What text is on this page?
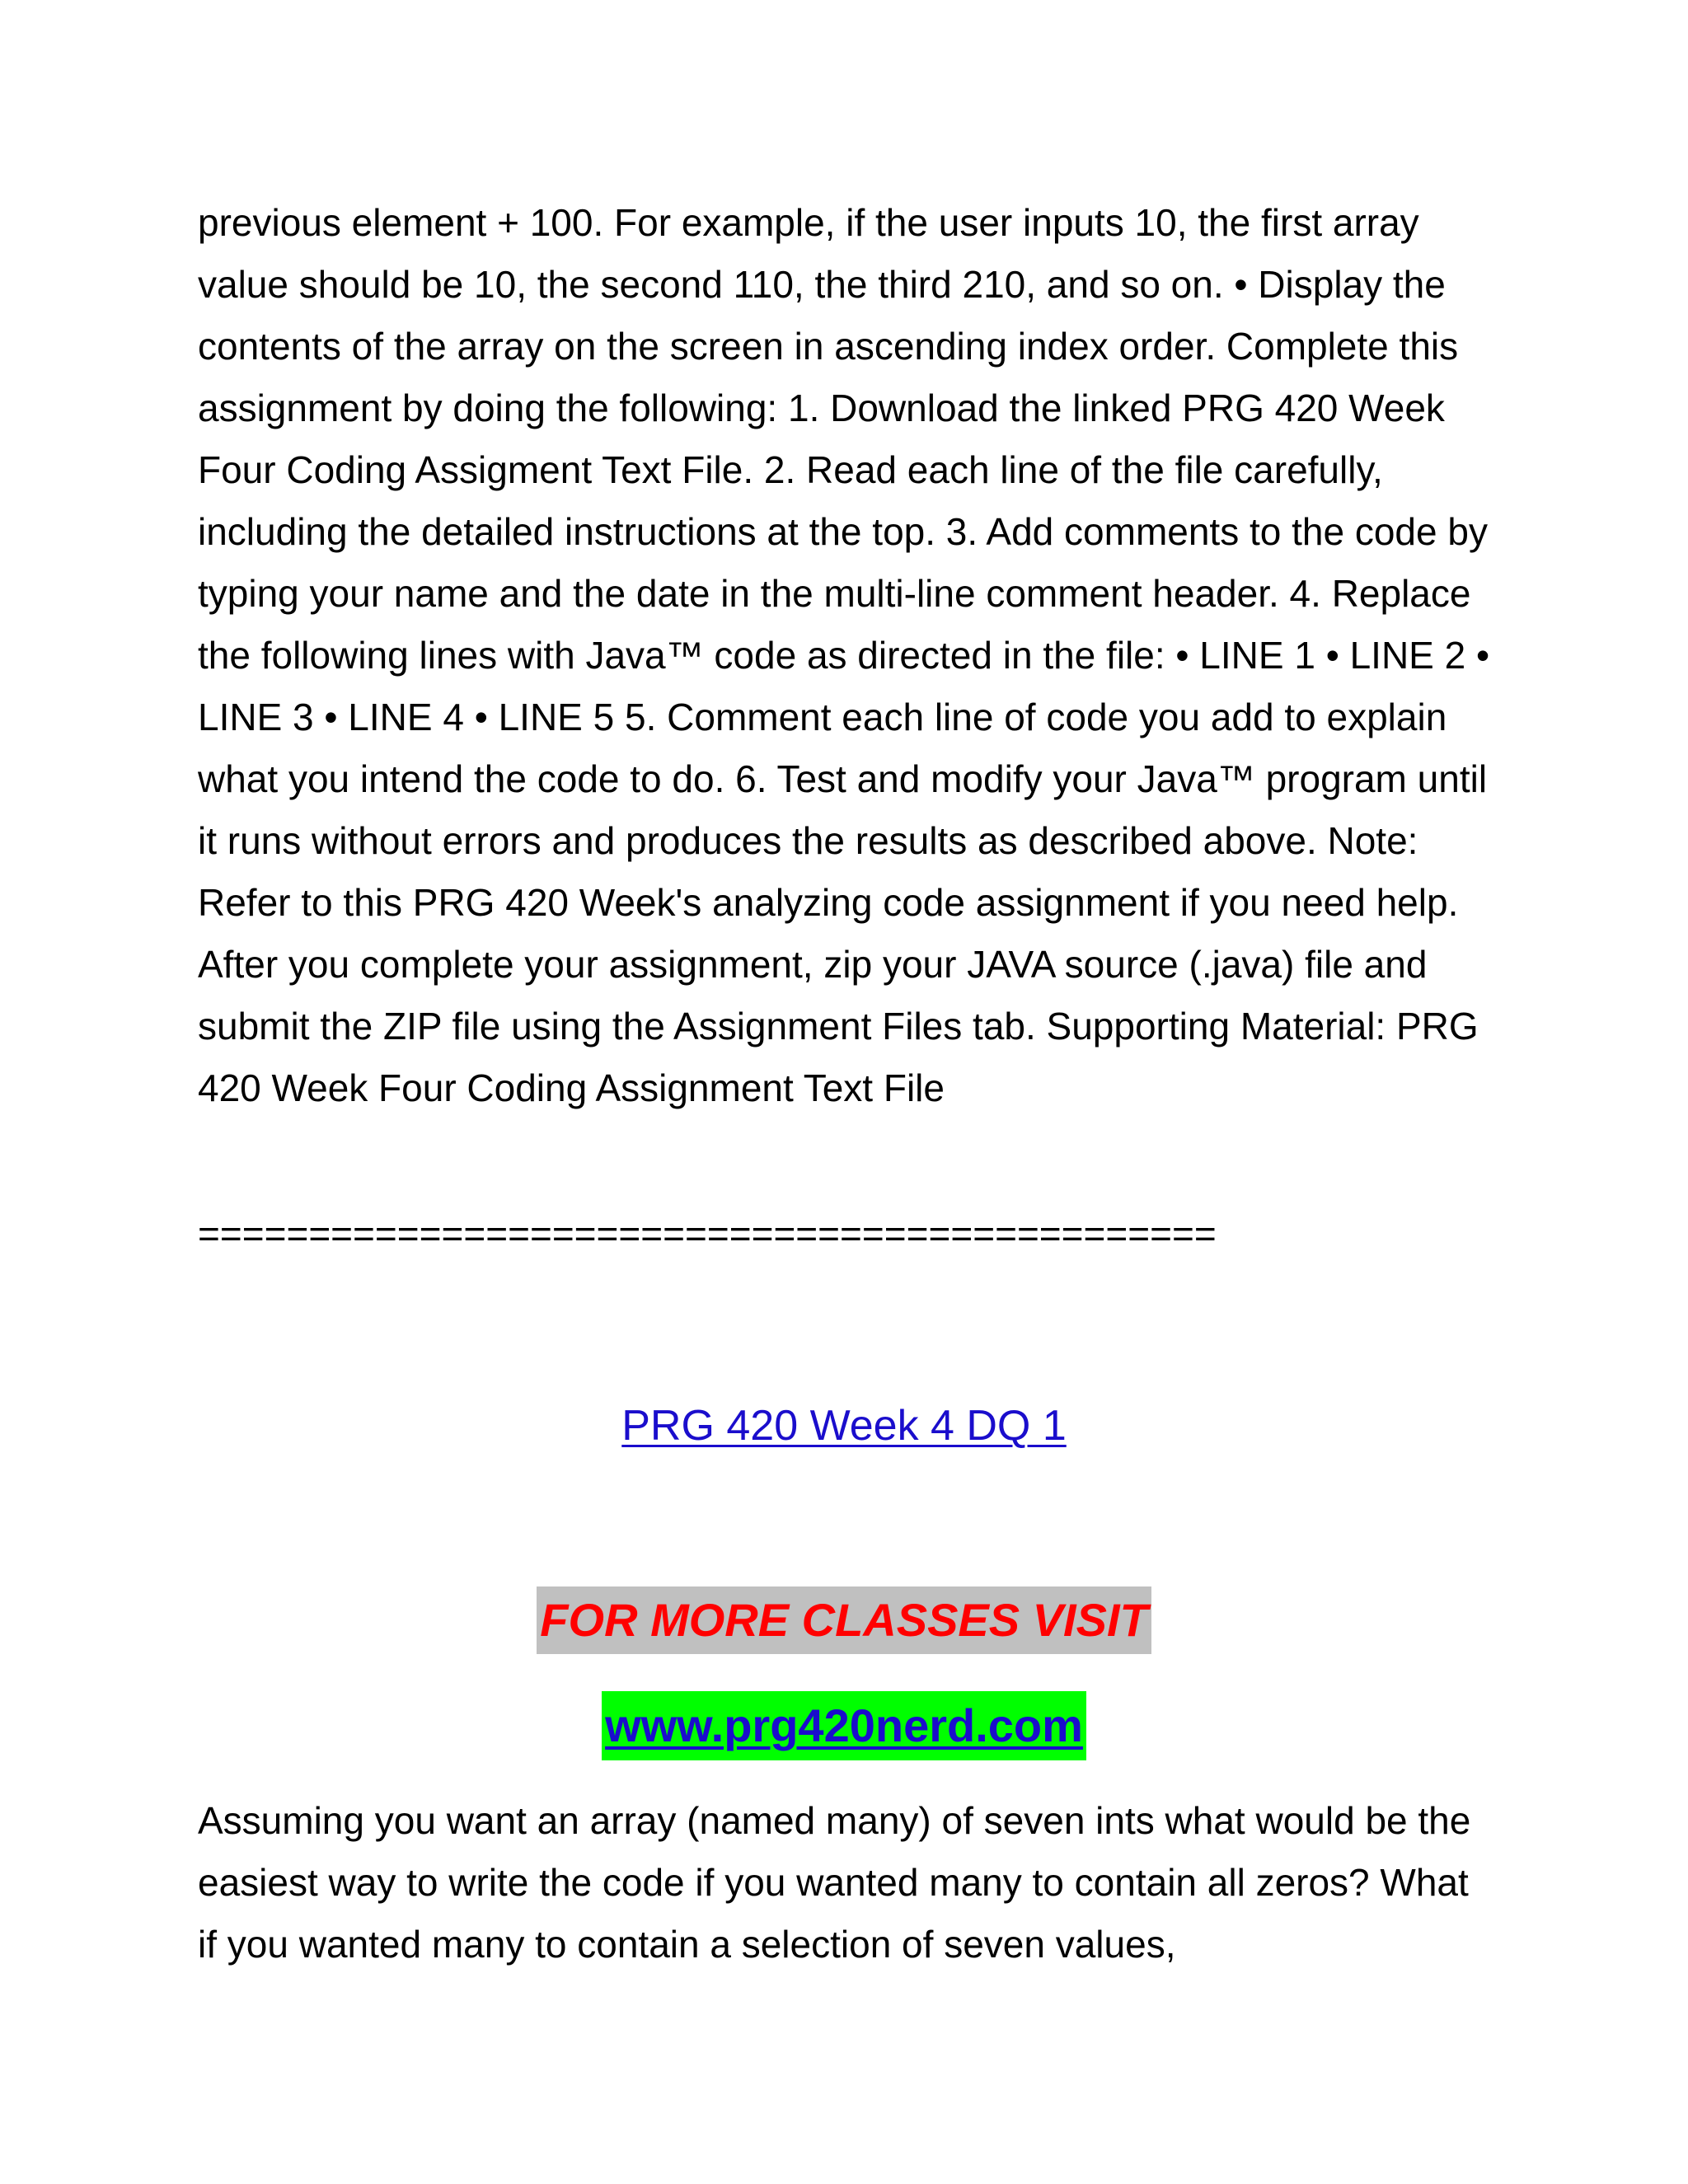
previous element + 100. For example, if the user inputs 10, the first array value should be 10, the second 110, the third 210, and so on. • Display the contents of the array on the screen in ascending index order. Complete this assignment by doing the following: 1. Download the linked PRG 420 Week Four Coding Assigment Text File. 2. Read each line of the file carefully, including the detailed instructions at the top. 3. Add comments to the code by typing your name and the date in the multi-line comment header. 4. Replace the following lines with Java™ code as directed in the file: • LINE 1 • LINE 2 • LINE 3 • LINE 4 • LINE 5 5. Comment each line of code you add to explain what you intend the code to do. 6. Test and modify your Java™ program until it runs without errors and produces the results as described above. Note: Refer to this PRG 420 Week's analyzing code assignment if you need help. After you complete your assignment, zip your JAVA source (.java) file and submit the ZIP file using the Assignment Files tab. Supporting Material: PRG 420 Week Four Coding Assignment Text File

==============================================
PRG 420 Week 4 DQ 1
FOR MORE CLASSES VISIT
www.prg420nerd.com

Assuming you want an array (named many) of seven ints what would be the easiest way to write the code if you wanted many to contain all zeros? What if you wanted many to contain a selection of seven values,
